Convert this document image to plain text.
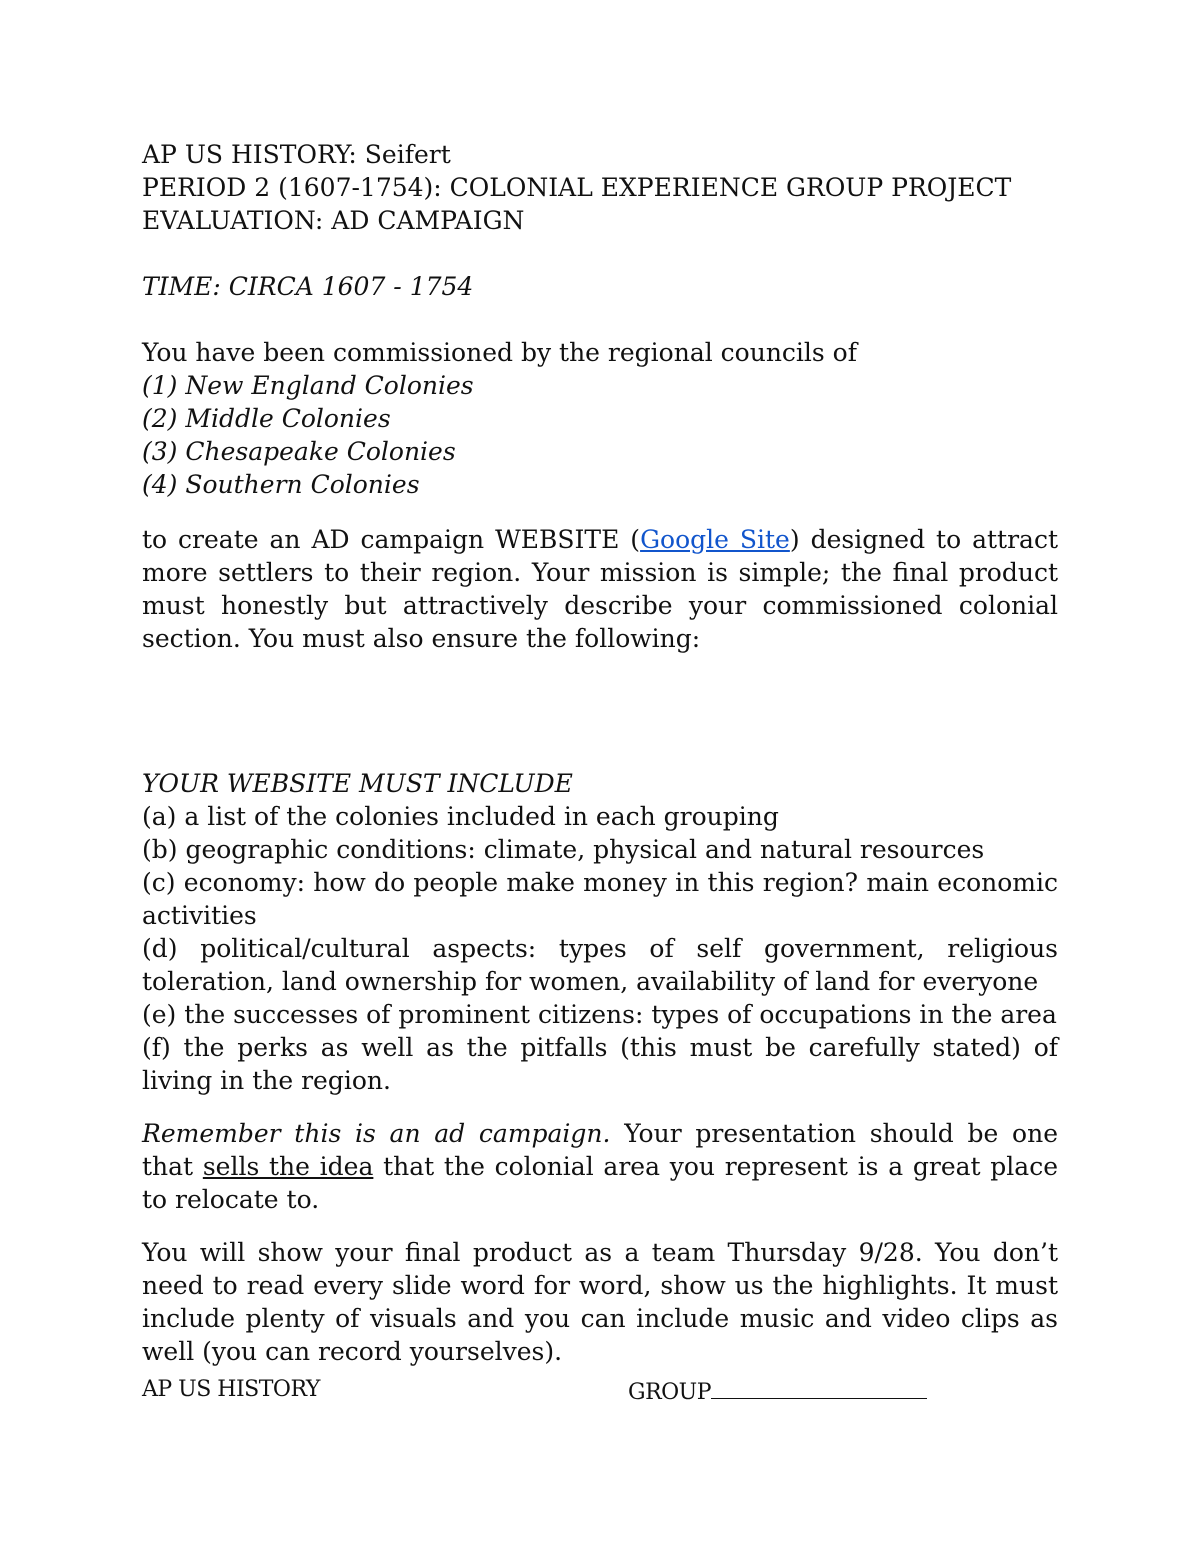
AP US HISTORY: Seifert
PERIOD 2 (1607-1754): COLONIAL EXPERIENCE GROUP PROJECT
EVALUATION: AD CAMPAIGN
TIME: CIRCA 1607 - 1754
You have been commissioned by the regional councils of
(1) New England Colonies
(2) Middle Colonies
(3) Chesapeake Colonies
(4) Southern Colonies
to create an AD campaign WEBSITE (Google Site) designed to attract more settlers to their region. Your mission is simple; the final product must honestly but attractively describe your commissioned colonial section. You must also ensure the following:
YOUR WEBSITE MUST INCLUDE
(a) a list of the colonies included in each grouping
(b) geographic conditions: climate, physical and natural resources
(c) economy: how do people make money in this region? main economic activities
(d) political/cultural aspects: types of self government, religious toleration, land ownership for women, availability of land for everyone
(e) the successes of prominent citizens: types of occupations in the area
(f) the perks as well as the pitfalls (this must be carefully stated) of living in the region.
Remember this is an ad campaign. Your presentation should be one that sells the idea that the colonial area you represent is a great place to relocate to.
You will show your final product as a team Thursday 9/28. You don’t need to read every slide word for word, show us the highlights. It must include plenty of visuals and you can include music and video clips as well (you can record yourselves).
AP US HISTORY	GROUP
